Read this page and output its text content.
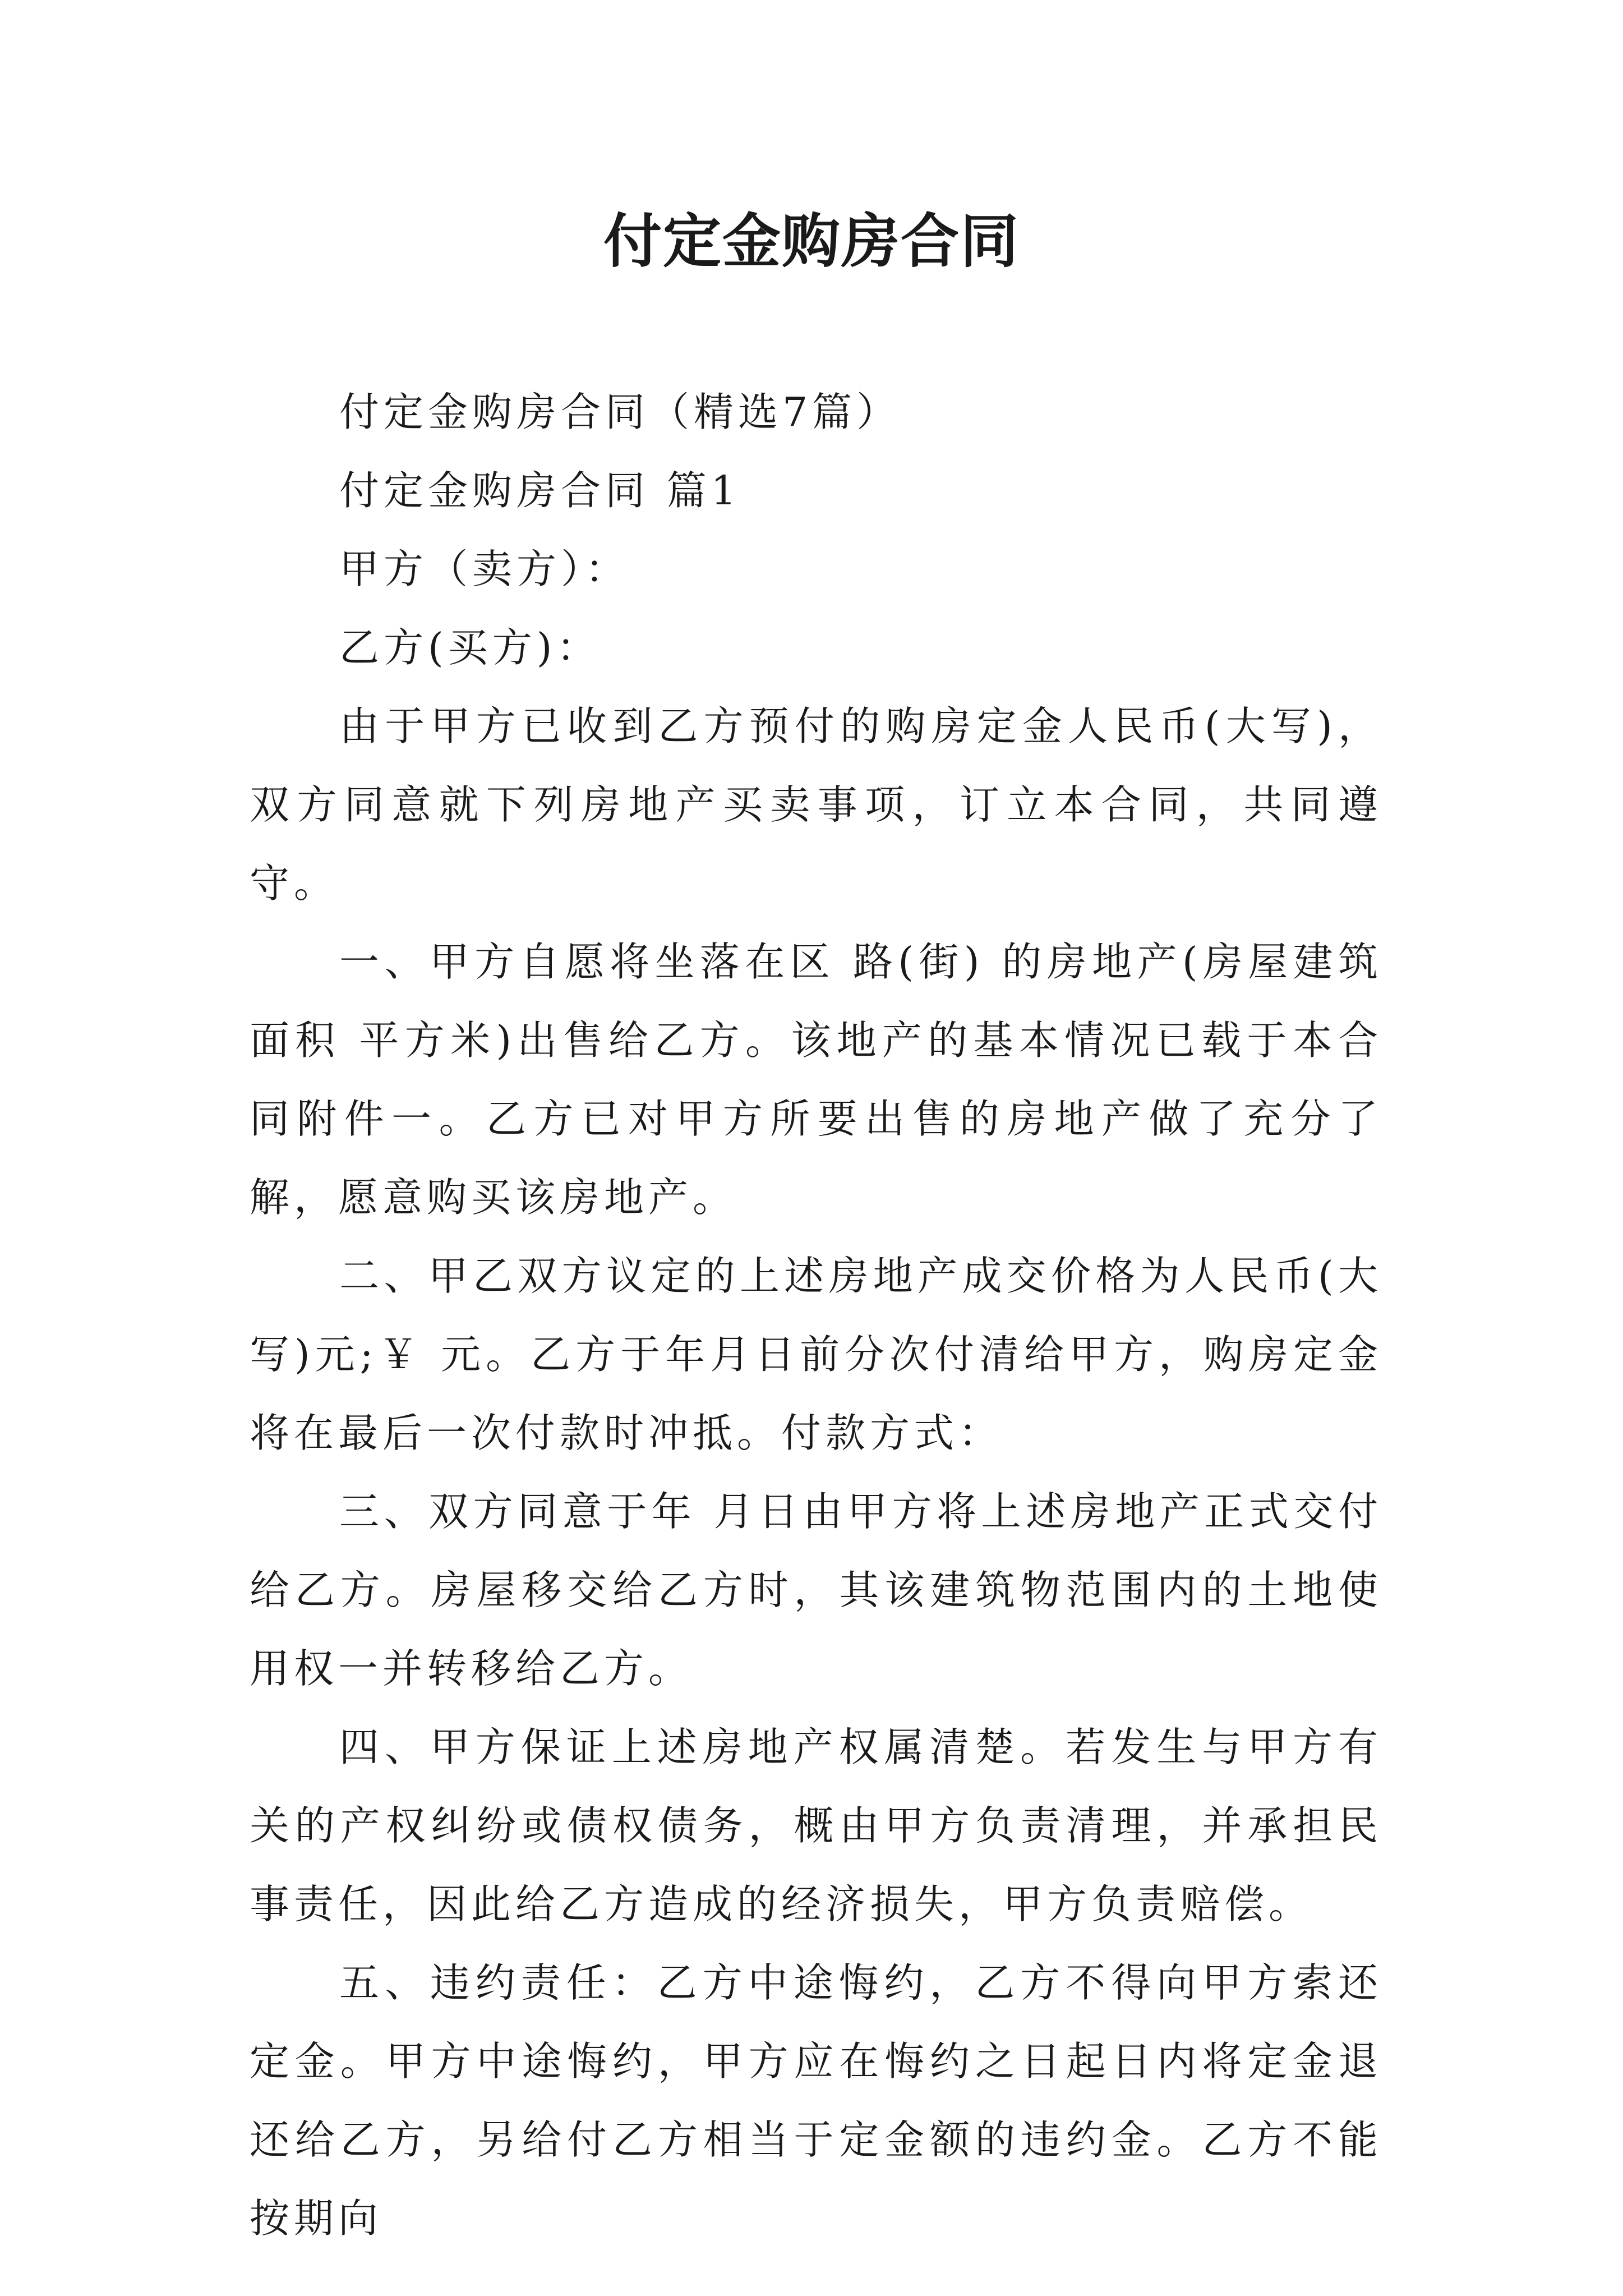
付定金购房合同

付定金购房合同（精选7篇）

付定金购房合同 篇1

甲方（卖方）：

乙方(买方)：

由于甲方已收到乙方预付的购房定金人民币(大写)，双方同意就下列房地产买卖事项，订立本合同，共同遵守。

一、甲方自愿将坐落在区 路(街) 的房地产(房屋建筑面积 平方米)出售给乙方。该地产的基本情况已载于本合同附件一。乙方已对甲方所要出售的房地产做了充分了解，愿意购买该房地产。

二、甲乙双方议定的上述房地产成交价格为人民币(大写)元;￥ 元。乙方于年月日前分次付清给甲方，购房定金将在最后一次付款时冲抵。付款方式：

三、双方同意于年 月日由甲方将上述房地产正式交付给乙方。房屋移交给乙方时，其该建筑物范围内的土地使用权一并转移给乙方。

四、甲方保证上述房地产权属清楚。若发生与甲方有关的产权纠纷或债权债务，概由甲方负责清理，并承担民事责任，因此给乙方造成的经济损失，甲方负责赔偿。

五、违约责任：乙方中途悔约，乙方不得向甲方索还定金。甲方中途悔约，甲方应在悔约之日起日内将定金退还给乙方，另给付乙方相当于定金额的违约金。乙方不能按期向
